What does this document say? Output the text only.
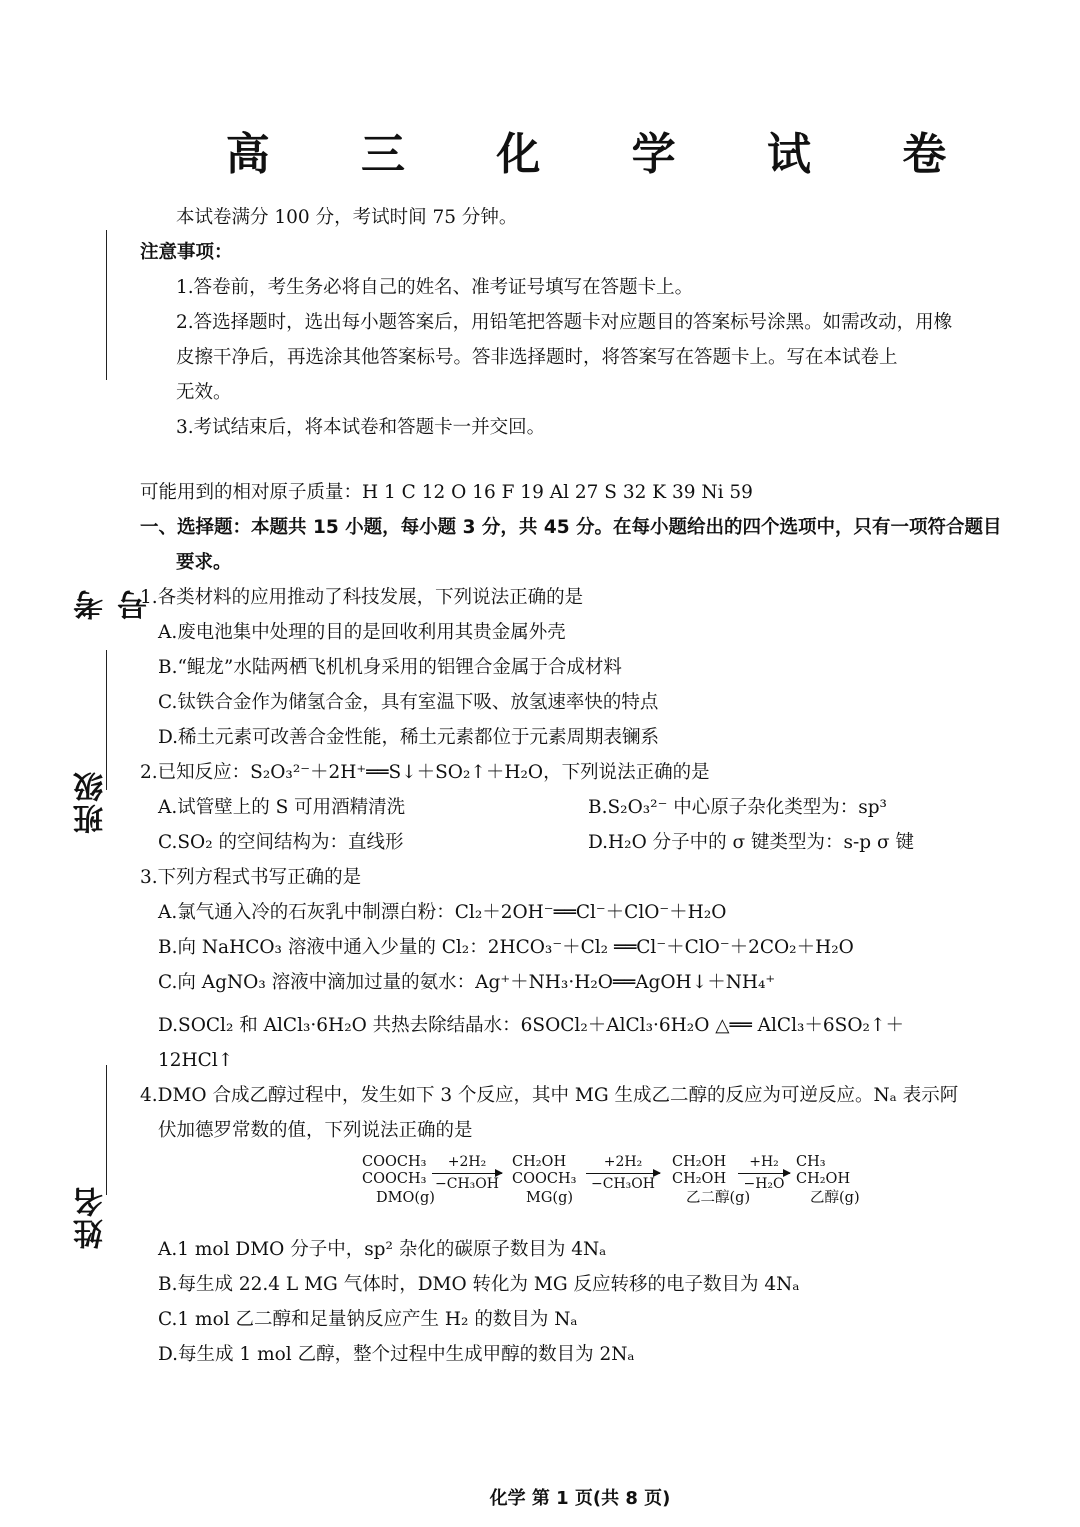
考号
班级
姓名
高 三 化 学 试 卷

本试卷满分 100 分，考试时间 75 分钟。

注意事项：

1.答卷前，考生务必将自己的姓名、准考证号填写在答题卡上。

2.答选择题时，选出每小题答案后，用铅笔把答题卡对应题目的答案标号涂黑。如需改动，用橡

皮擦干净后，再选涂其他答案标号。答非选择题时，将答案写在答题卡上。写在本试卷上

无效。

3.考试结束后，将本试卷和答题卡一并交回。

可能用到的相对原子质量：H 1 C 12 O 16 F 19 Al 27 S 32 K 39 Ni 59

一、选择题：本题共 15 小题，每小题 3 分，共 45 分。在每小题给出的四个选项中，只有一项符合题目

要求。

1.各类材料的应用推动了科技发展，下列说法正确的是

A.废电池集中处理的目的是回收利用其贵金属外壳

B.“鲲龙”水陆两栖飞机机身采用的铝锂合金属于合成材料

C.钛铁合金作为储氢合金，具有室温下吸、放氢速率快的特点

D.稀土元素可改善合金性能，稀土元素都位于元素周期表镧系

2.已知反应：S₂O₃²⁻＋2H⁺══S↓＋SO₂↑＋H₂O，下列说法正确的是

A.试管壁上的 S 可用酒精清洗	B.S₂O₃²⁻ 中心原子杂化类型为：sp³
C.SO₂ 的空间结构为：直线形	D.H₂O 分子中的 σ 键类型为：s-p σ 键

3.下列方程式书写正确的是

A.氯气通入冷的石灰乳中制漂白粉：Cl₂＋2OH⁻══Cl⁻＋ClO⁻＋H₂O

B.向 NaHCO₃ 溶液中通入少量的 Cl₂：2HCO₃⁻＋Cl₂ ══Cl⁻＋ClO⁻＋2CO₂＋H₂O

C.向 AgNO₃ 溶液中滴加过量的氨水：Ag⁺＋NH₃·H₂O══AgOH↓＋NH₄⁺

D.SOCl₂ 和 AlCl₃·6H₂O 共热去除结晶水：6SOCl₂＋AlCl₃·6H₂O △══ AlCl₃＋6SO₂↑＋

12HCl↑

4.DMO 合成乙醇过程中，发生如下 3 个反应，其中 MG 生成乙二醇的反应为可逆反应。Nₐ 表示阿

伏加德罗常数的值，下列说法正确的是

COOCH₃
COOCH₃
DMO(g)
+2H₂
−CH₃OH
CH₂OH
COOCH₃
MG(g)
+2H₂
−CH₃OH
CH₂OH
CH₂OH
乙二醇(g)
+H₂
−H₂O
CH₃
CH₂OH
乙醇(g)

A.1 mol DMO 分子中，sp² 杂化的碳原子数目为 4Nₐ

B.每生成 22.4 L MG 气体时，DMO 转化为 MG 反应转移的电子数目为 4Nₐ

C.1 mol 乙二醇和足量钠反应产生 H₂ 的数目为 Nₐ

D.每生成 1 mol 乙醇，整个过程中生成甲醇的数目为 2Nₐ

化学 第 1 页(共 8 页)
